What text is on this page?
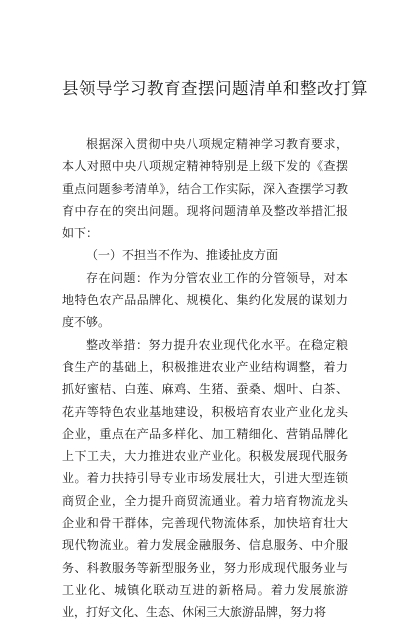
县领导学习教育查摆问题清单和整改打算

根据深入贯彻中央八项规定精神学习教育要求，本人对照中央八项规定精神特别是上级下发的《查摆重点问题参考清单》，结合工作实际，深入查摆学习教育中存在的突出问题。现将问题清单及整改举措汇报如下：

（一）不担当不作为、推诿扯皮方面

存在问题：作为分管农业工作的分管领导，对本地特色农产品品牌化、规模化、集约化发展的谋划力度不够。

整改举措：努力提升农业现代化水平。在稳定粮食生产的基础上，积极推进农业产业结构调整，着力抓好蜜桔、白莲、麻鸡、生猪、蚕桑、烟叶、白茶、花卉等特色农业基地建设，积极培育农业产业化龙头企业，重点在产品多样化、加工精细化、营销品牌化上下工夫，大力推进农业产业化。积极发展现代服务业。着力扶持引导专业市场发展壮大，引进大型连锁商贸企业，全力提升商贸流通业。着力培育物流龙头企业和骨干群体，完善现代物流体系，加快培育壮大现代物流业。着力发展金融服务、信息服务、中介服务、科教服务等新型服务业，努力形成现代服务业与工业化、城镇化联动互进的新格局。着力发展旅游业，打好文化、生态、休闲三大旅游品牌，努力将
